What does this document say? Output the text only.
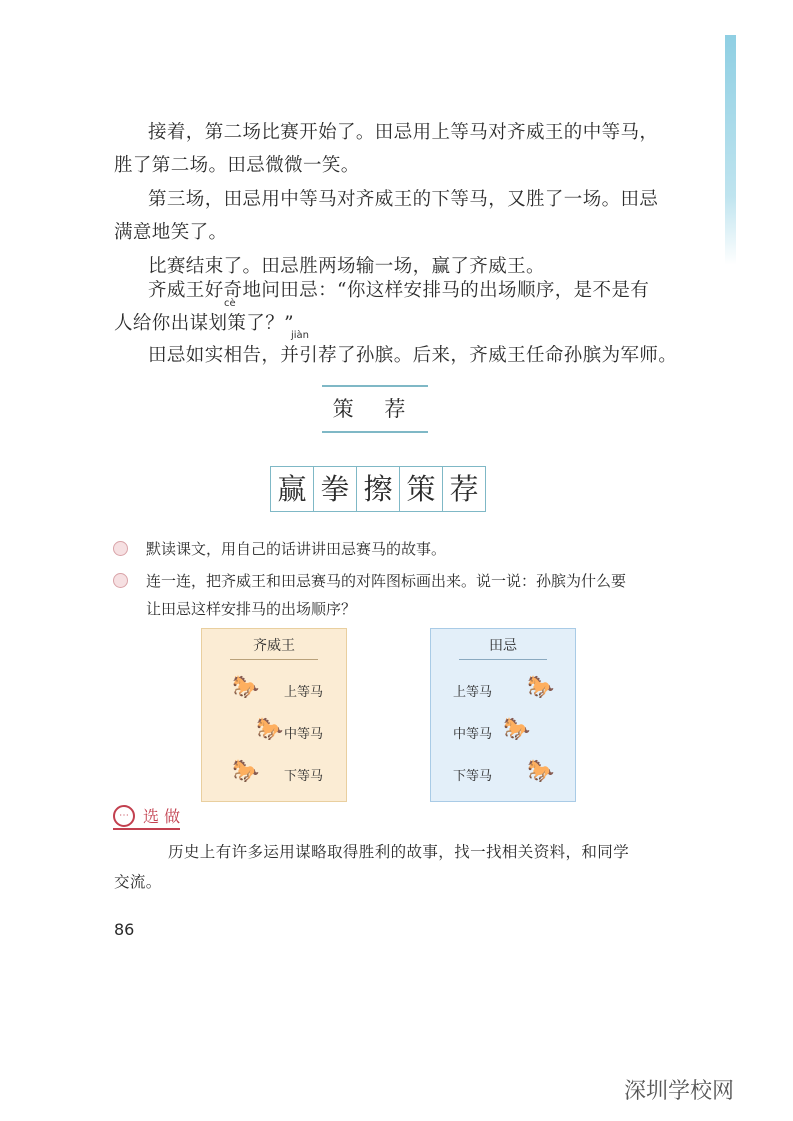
接着，第二场比赛开始了。田忌用上等马对齐威王的中等马，
胜了第二场。田忌微微一笑。
第三场，田忌用中等马对齐威王的下等马，又胜了一场。田忌
满意地笑了。
比赛结束了。田忌胜两场输一场，赢了齐威王。
齐威王好奇地问田忌：“你这样安排马的出场顺序，是不是有
cè
人给你出谋划策了？”
jiàn
田忌如实相告，并引荐了孙膑。后来，齐威王任命孙膑为军师。
策 荐
赢 拳 擦 策 荐
默读课文，用自己的话讲讲田忌赛马的故事。
连一连，把齐威王和田忌赛马的对阵图标画出来。说一说：孙膑为什么要
让田忌这样安排马的出场顺序？
齐威王
🐎 上等马
🐎 中等马
🐎 下等马
田忌
上等马 🐎
中等马 🐎
下等马 🐎
⋯ 选 做
历史上有许多运用谋略取得胜利的故事，找一找相关资料，和同学
交流。
86
深圳学校网
